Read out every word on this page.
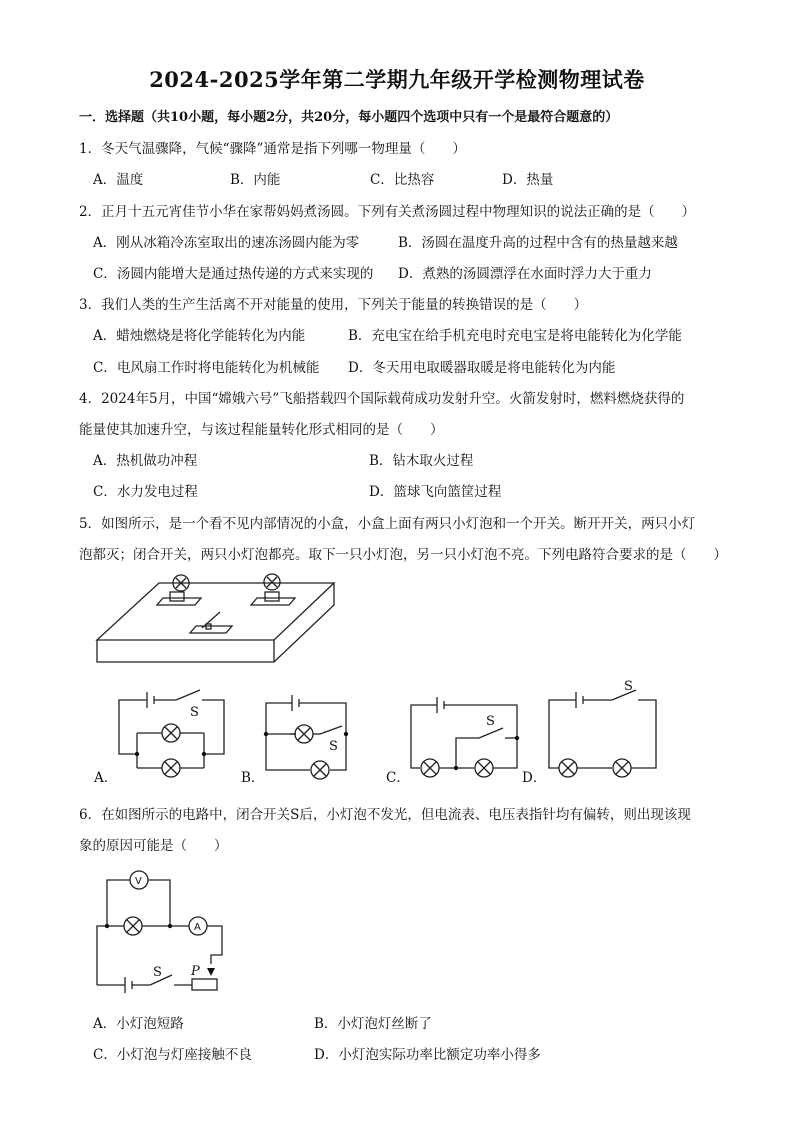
2024-2025学年第二学期九年级开学检测物理试卷
一．选择题（共10小题，每小题2分，共20分，每小题四个选项中只有一个是最符合题意的）
1．冬天气温骤降，气候“骤降”通常是指下列哪一物理量（　　）
A．温度	B．内能	C．比热容	D．热量
2．正月十五元宵佳节小华在家帮妈妈煮汤圆。下列有关煮汤圆过程中物理知识的说法正确的是（　　）
A．刚从冰箱冷冻室取出的速冻汤圆内能为零	B．汤圆在温度升高的过程中含有的热量越来越
C．汤圆内能增大是通过热传递的方式来实现的 D．煮熟的汤圆漂浮在水面时浮力大于重力
3．我们人类的生产生活离不开对能量的使用，下列关于能量的转换错误的是（　　）
A．蜡烛燃烧是将化学能转化为内能	B．充电宝在给手机充电时充电宝是将电能转化为化学能
C．电风扇工作时将电能转化为机械能 D．冬天用电取暖器取暖是将电能转化为内能
4．2024年5月，中国“嫦娥六号”飞船搭载四个国际载荷成功发射升空。火箭发射时，燃料燃烧获得的
能量使其加速升空，与该过程能量转化形式相同的是（　　）
A．热机做功冲程	B．钻木取火过程
C．水力发电过程	D．篮球飞向篮筐过程
5．如图所示，是一个看不见内部情况的小盒，小盒上面有两只小灯泡和一个开关。断开开关，两只小灯
泡都灭；闭合开关，两只小灯泡都亮。取下一只小灯泡，另一只小灯泡不亮。下列电路符合要求的是（　　）
S
S
S
S
A．	B．	C．	D．
6．在如图所示的电路中，闭合开关S后，小灯泡不发光，但电流表、电压表指针均有偏转，则出现该现
象的原因可能是（　　）
V
A
S P
A．小灯泡短路	B．小灯泡灯丝断了
C．小灯泡与灯座接触不良	D．小灯泡实际功率比额定功率小得多
